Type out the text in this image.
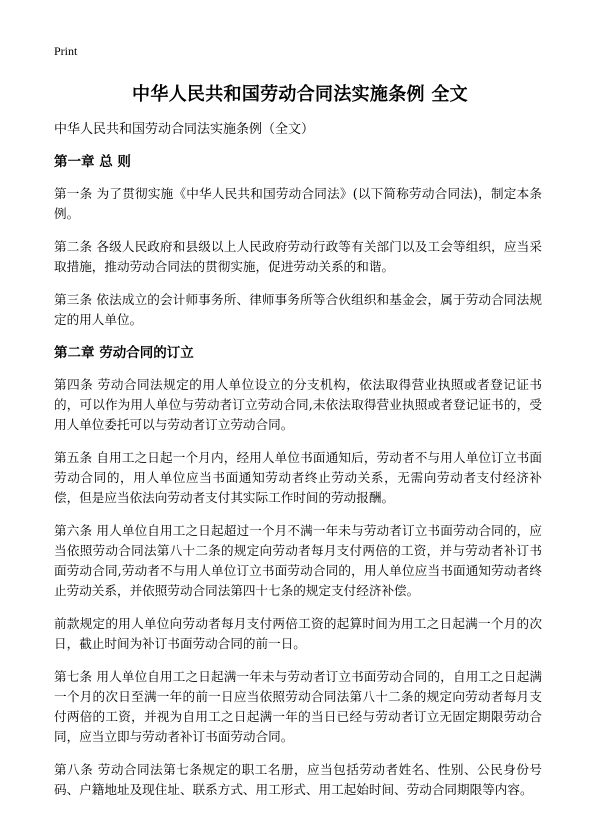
Print
中华人民共和国劳动合同法实施条例 全文

中华人民共和国劳动合同法实施条例（全文）

第一章 总 则

第一条 为了贯彻实施《中华人民共和国劳动合同法》(以下简称劳动合同法)，制定本条例。

第二条 各级人民政府和县级以上人民政府劳动行政等有关部门以及工会等组织，应当采取措施，推动劳动合同法的贯彻实施，促进劳动关系的和谐。

第三条 依法成立的会计师事务所、律师事务所等合伙组织和基金会，属于劳动合同法规定的用人单位。

第二章 劳动合同的订立

第四条 劳动合同法规定的用人单位设立的分支机构，依法取得营业执照或者登记证书的，可以作为用人单位与劳动者订立劳动合同,未依法取得营业执照或者登记证书的，受用人单位委托可以与劳动者订立劳动合同。

第五条 自用工之日起一个月内，经用人单位书面通知后，劳动者不与用人单位订立书面劳动合同的，用人单位应当书面通知劳动者终止劳动关系，无需向劳动者支付经济补偿，但是应当依法向劳动者支付其实际工作时间的劳动报酬。

第六条 用人单位自用工之日起超过一个月不满一年未与劳动者订立书面劳动合同的，应当依照劳动合同法第八十二条的规定向劳动者每月支付两倍的工资，并与劳动者补订书面劳动合同,劳动者不与用人单位订立书面劳动合同的，用人单位应当书面通知劳动者终止劳动关系，并依照劳动合同法第四十七条的规定支付经济补偿。

前款规定的用人单位向劳动者每月支付两倍工资的起算时间为用工之日起满一个月的次日，截止时间为补订书面劳动合同的前一日。

第七条 用人单位自用工之日起满一年未与劳动者订立书面劳动合同的，自用工之日起满一个月的次日至满一年的前一日应当依照劳动合同法第八十二条的规定向劳动者每月支付两倍的工资，并视为自用工之日起满一年的当日已经与劳动者订立无固定期限劳动合同，应当立即与劳动者补订书面劳动合同。

第八条 劳动合同法第七条规定的职工名册，应当包括劳动者姓名、性别、公民身份号码、户籍地址及现住址、联系方式、用工形式、用工起始时间、劳动合同期限等内容。
